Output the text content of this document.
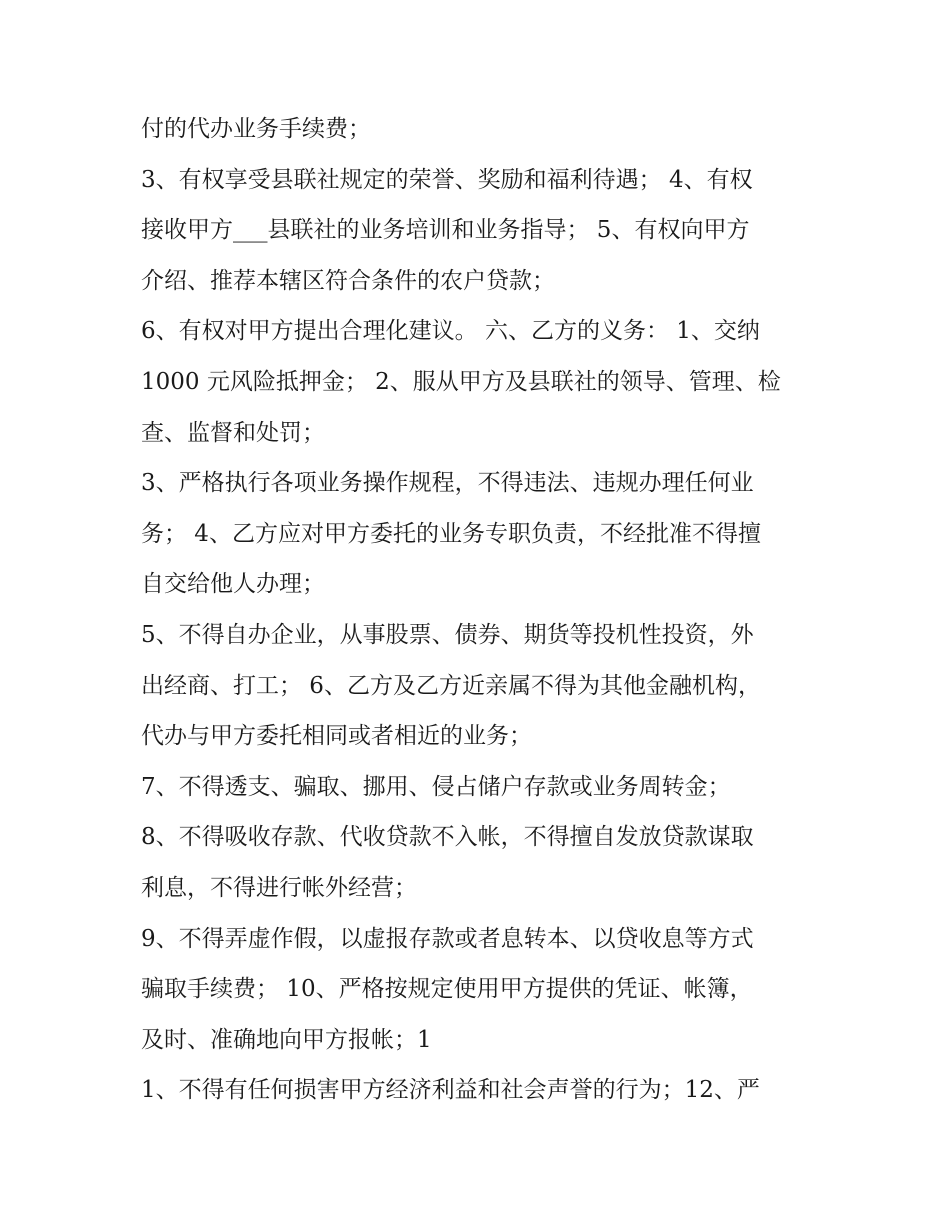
付的代办业务手续费；

3、有权享受县联社规定的荣誉、奖励和福利待遇； 4、有权

接收甲方___县联社的业务培训和业务指导； 5、有权向甲方

介绍、推荐本辖区符合条件的农户贷款；

6、有权对甲方提出合理化建议。 六、乙方的义务： 1、交纳

1000 元风险抵押金； 2、服从甲方及县联社的领导、管理、检

查、监督和处罚；

3、严格执行各项业务操作规程，不得违法、违规办理任何业

务； 4、乙方应对甲方委托的业务专职负责，不经批准不得擅

自交给他人办理；

5、不得自办企业，从事股票、债券、期货等投机性投资，外

出经商、打工； 6、乙方及乙方近亲属不得为其他金融机构，

代办与甲方委托相同或者相近的业务；

7、不得透支、骗取、挪用、侵占储户存款或业务周转金；

8、不得吸收存款、代收贷款不入帐，不得擅自发放贷款谋取

利息，不得进行帐外经营；

9、不得弄虚作假，以虚报存款或者息转本、以贷收息等方式

骗取手续费； 10、严格按规定使用甲方提供的凭证、帐簿，

及时、准确地向甲方报帐；1

1、不得有任何损害甲方经济利益和社会声誉的行为；12、严
